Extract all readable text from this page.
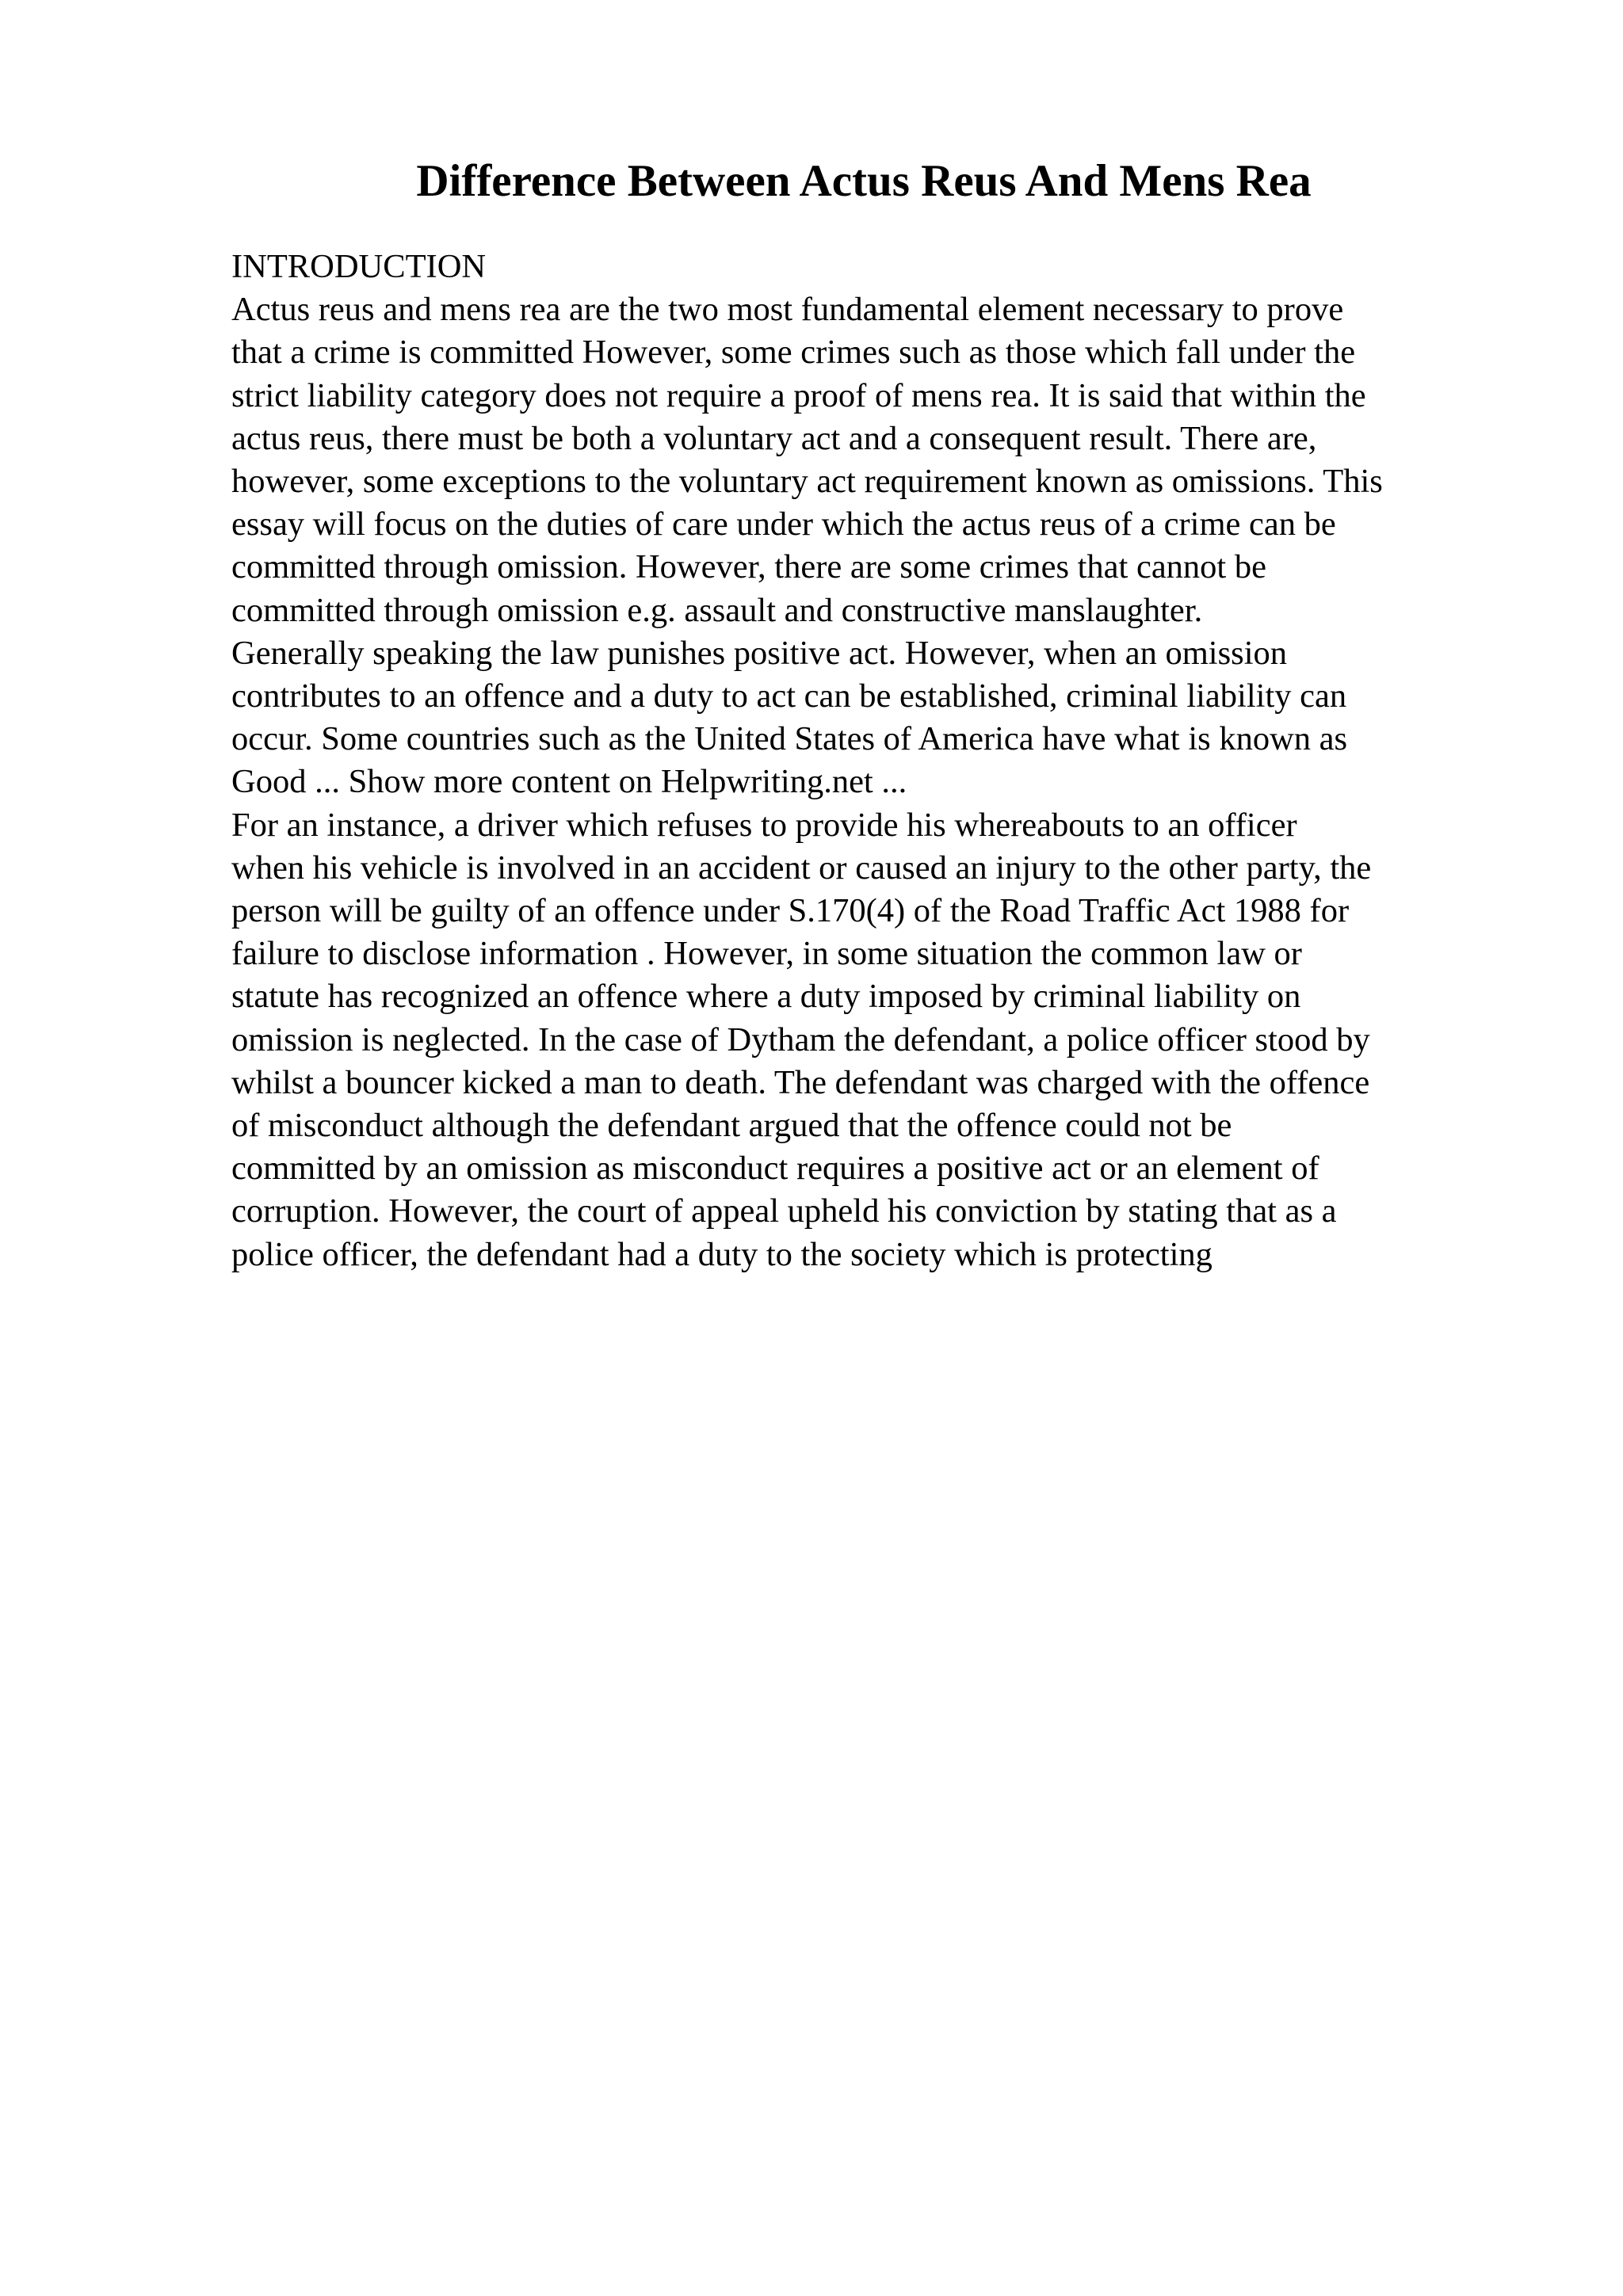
Difference Between Actus Reus And Mens Rea
INTRODUCTION
Actus reus and mens rea are the two most fundamental element necessary to prove
that a crime is committed However, some crimes such as those which fall under the
strict liability category does not require a proof of mens rea. It is said that within the
actus reus, there must be both a voluntary act and a consequent result. There are,
however, some exceptions to the voluntary act requirement known as omissions. This
essay will focus on the duties of care under which the actus reus of a crime can be
committed through omission. However, there are some crimes that cannot be
committed through omission e.g. assault and constructive manslaughter.
Generally speaking the law punishes positive act. However, when an omission
contributes to an offence and a duty to act can be established, criminal liability can
occur. Some countries such as the United States of America have what is known as
Good ... Show more content on Helpwriting.net ...
For an instance, a driver which refuses to provide his whereabouts to an officer
when his vehicle is involved in an accident or caused an injury to the other party, the
person will be guilty of an offence under S.170(4) of the Road Traffic Act 1988 for
failure to disclose information . However, in some situation the common law or
statute has recognized an offence where a duty imposed by criminal liability on
omission is neglected. In the case of Dytham the defendant, a police officer stood by
whilst a bouncer kicked a man to death. The defendant was charged with the offence
of misconduct although the defendant argued that the offence could not be
committed by an omission as misconduct requires a positive act or an element of
corruption. However, the court of appeal upheld his conviction by stating that as a
police officer, the defendant had a duty to the society which is protecting
